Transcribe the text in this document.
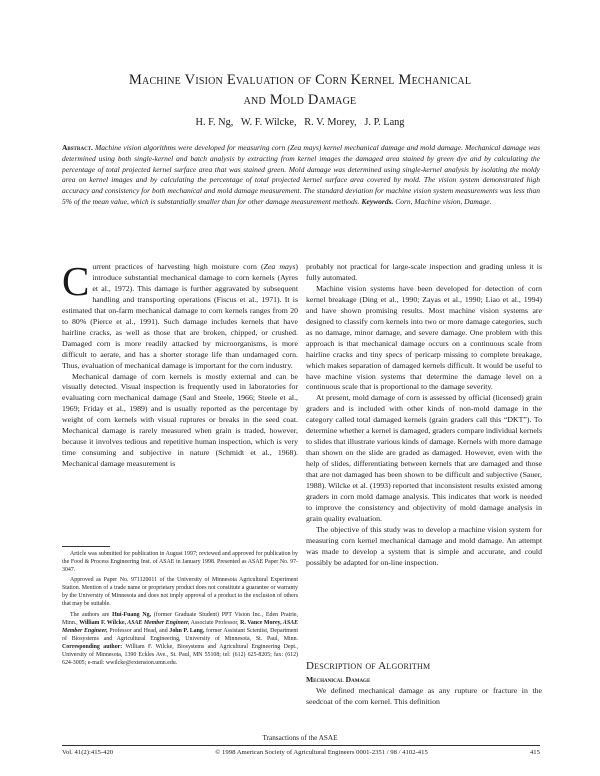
Machine Vision Evaluation of Corn Kernel Mechanical
and Mold Damage
H. F. Ng,   W. F. Wilcke,   R. V. Morey,   J. P. Lang
Abstract. Machine vision algorithms were developed for measuring corn (Zea mays) kernel mechanical damage and mold damage. Mechanical damage was determined using both single-kernel and batch analysis by extracting from kernel images the damaged area stained by green dye and by calculating the percentage of total projected kernel surface area that was stained green. Mold damage was determined using single-kernel analysis by isolating the moldy area on kernel images and by calculating the percentage of total projected kernel surface area covered by mold. The vision system demonstrated high accuracy and consistency for both mechanical and mold damage measurement. The standard deviation for machine vision system measurements was less than 5% of the mean value, which is substantially smaller than for other damage measurement methods. Keywords. Corn, Machine vision, Damage.

Current practices of harvesting high moisture corn (Zea mays) introduce substantial mechanical damage to corn kernels (Ayres et al., 1972). This damage is further aggravated by subsequent handling and transporting operations (Fiscus et al., 1971). It is estimated that on-farm mechanical damage to corn kernels ranges from 20 to 80% (Pierce et al., 1991). Such damage includes kernels that have hairline cracks, as well as those that are broken, chipped, or crushed. Damaged corn is more readily attacked by microorganisms, is more difficult to aerate, and has a shorter storage life than undamaged corn. Thus, evaluation of mechanical damage is important for the corn industry.

Mechanical damage of corn kernels is mostly external and can be visually detected. Visual inspection is frequently used in laboratories for evaluating corn mechanical damage (Saul and Steele, 1966; Steele et al., 1969; Friday et al., 1989) and is usually reported as the percentage by weight of corn kernels with visual ruptures or breaks in the seed coat. Mechanical damage is rarely measured when grain is traded, however, because it involves tedious and repetitive human inspection, which is very time consuming and subjective in nature (Schmidt et al., 1968). Mechanical damage measurement is

Article was submitted for publication in August 1997; reviewed and approved for publication by the Food & Process Engineering Inst. of ASAE in January 1998. Presented as ASAE Paper No. 97-3047.

Approved as Paper No. 971120011 of the University of Minnesota Agricultural Experiment Station. Mention of a trade name or proprietary product does not constitute a guarantee or warranty by the University of Minnesota and does not imply approval of a product to the exclusion of others that may be suitable.

The authors are Hui-Fuang Ng, (former Graduate Student) PPT Vision Inc., Eden Prairie, Minn., William F. Wilcke, ASAE Member Engineer, Associate Professor, R. Vance Morey, ASAE Member Engineer, Professor and Head, and John P. Lang, former Assistant Scientist, Department of Biosystems and Agricultural Engineering, University of Minnesota, St. Paul, Minn. Corresponding author: William F. Wilcke, Biosystems and Agricultural Engineering Dept., University of Minnesota, 1390 Eckles Ave., St. Paul, MN 55108; tel: (612) 625-8205; fax: (612) 624-3005; e-mail: wwilcke@extension.umn.edu.

probably not practical for large-scale inspection and grading unless it is fully automated.

Machine vision systems have been developed for detection of corn kernel breakage (Ding et al., 1990; Zayas et al., 1990; Liao et al., 1994) and have shown promising results. Most machine vision systems are designed to classify corn kernels into two or more damage categories, such as no damage, minor damage, and severe damage. One problem with this approach is that mechanical damage occurs on a continuous scale from hairline cracks and tiny specs of pericarp missing to complete breakage, which makes separation of damaged kernels difficult. It would be useful to have machine vision systems that determine the damage level on a continuous scale that is proportional to the damage severity.

At present, mold damage of corn is assessed by official (licensed) grain graders and is included with other kinds of non-mold damage in the category called total damaged kernels (grain graders call this “DKT”). To determine whether a kernel is damaged, graders compare individual kernels to slides that illustrate various kinds of damage. Kernels with more damage than shown on the slide are graded as damaged. However, even with the help of slides, differentiating between kernels that are damaged and those that are not damaged has been shown to be difficult and subjective (Sauer, 1988). Wilcke et al. (1993) reported that inconsistent results existed among graders in corn mold damage analysis. This indicates that work is needed to improve the consistency and objectivity of mold damage analysis in grain quality evaluation.

The objective of this study was to develop a machine vision system for measuring corn kernel mechanical damage and mold damage. An attempt was made to develop a system that is simple and accurate, and could possibly be adapted for on-line inspection.

Description of Algorithm
Mechanical Damage
We defined mechanical damage as any rupture or fracture in the seedcoat of the corn kernel. This definition
Transactions of the ASAE
Vol. 41(2):415-420	© 1998 American Society of Agricultural Engineers 0001-2351 / 98 / 4102-415	415
